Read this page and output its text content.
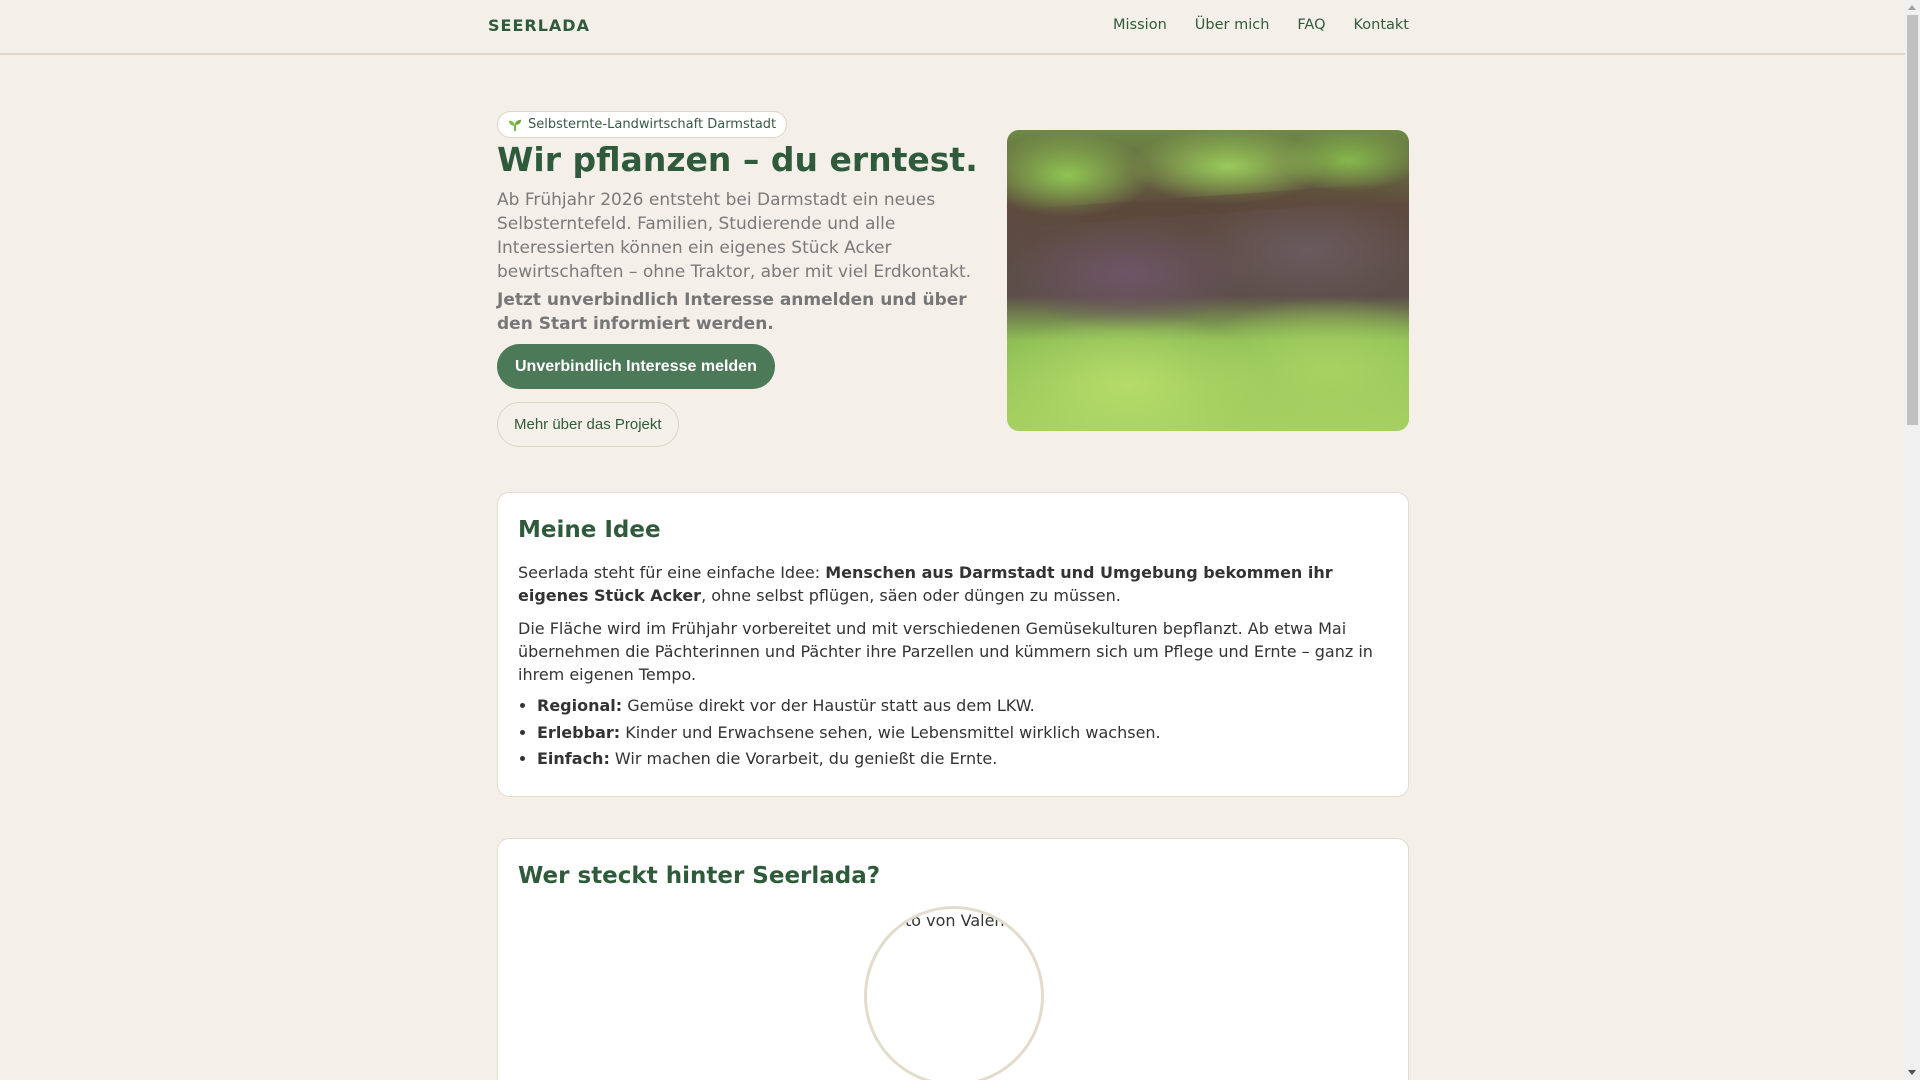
SEERLADA	Mission Über mich FAQ Kontakt
Selbsternte-Landwirtschaft Darmstadt
Wir pflanzen – du erntest.

Ab Frühjahr 2026 entsteht bei Darmstadt ein neues Selbsterntefeld. Familien, Studierende und alle Interessierten können ein eigenes Stück Acker bewirtschaften – ohne Traktor, aber mit viel Erdkontakt.

Jetzt unverbindlich Interesse anmelden und über den Start informiert werden.

Unverbindlich Interesse melden
Mehr über das Projekt
Meine Idee

Seerlada steht für eine einfache Idee: Menschen aus Darmstadt und Umgebung bekommen ihr eigenes Stück Acker, ohne selbst pflügen, säen oder düngen zu müssen.

Die Fläche wird im Frühjahr vorbereitet und mit verschiedenen Gemüsekulturen bepflanzt. Ab etwa Mai übernehmen die Pächterinnen und Pächter ihre Parzellen und kümmern sich um Pflege und Ernte – ganz in ihrem eigenen Tempo.

• Regional: Gemüse direkt vor der Haustür statt aus dem LKW.
• Erlebbar: Kinder und Erwachsene sehen, wie Lebensmittel wirklich wachsen.
• Einfach: Wir machen die Vorarbeit, du genießt die Ernte.
Wer steckt hinter Seerlada?
Foto von Valentin
